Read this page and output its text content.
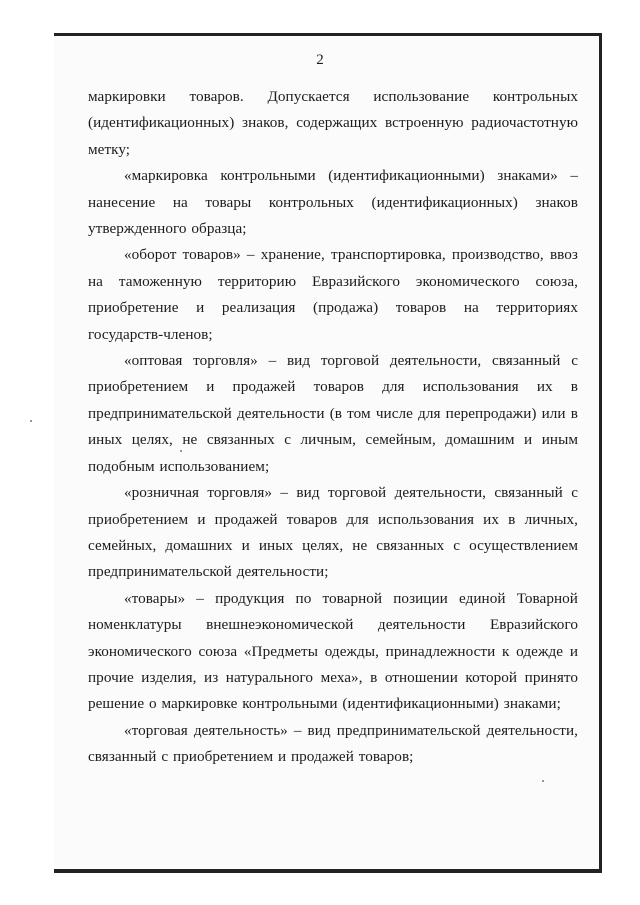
2

маркировки товаров. Допускается использование контрольных (идентификационных) знаков, содержащих встроенную радиочастотную метку;

«маркировка контрольными (идентификационными) знаками» – нанесение на товары контрольных (идентификационных) знаков утвержденного образца;

«оборот товаров» – хранение, транспортировка, производство, ввоз на таможенную территорию Евразийского экономического союза, приобретение и реализация (продажа) товаров на территориях государств-членов;

«оптовая торговля» – вид торговой деятельности, связанный с приобретением и продажей товаров для использования их в предпринимательской деятельности (в том числе для перепродажи) или в иных целях, не связанных с личным, семейным, домашним и иным подобным использованием;

«розничная торговля» – вид торговой деятельности, связанный с приобретением и продажей товаров для использования их в личных, семейных, домашних и иных целях, не связанных с осуществлением предпринимательской деятельности;

«товары» – продукция по товарной позиции единой Товарной номенклатуры внешнеэкономической деятельности Евразийского экономического союза «Предметы одежды, принадлежности к одежде и прочие изделия, из натурального меха», в отношении которой принято решение о маркировке контрольными (идентификационными) знаками;

«торговая деятельность» – вид предпринимательской деятельности, связанный с приобретением и продажей товаров;
